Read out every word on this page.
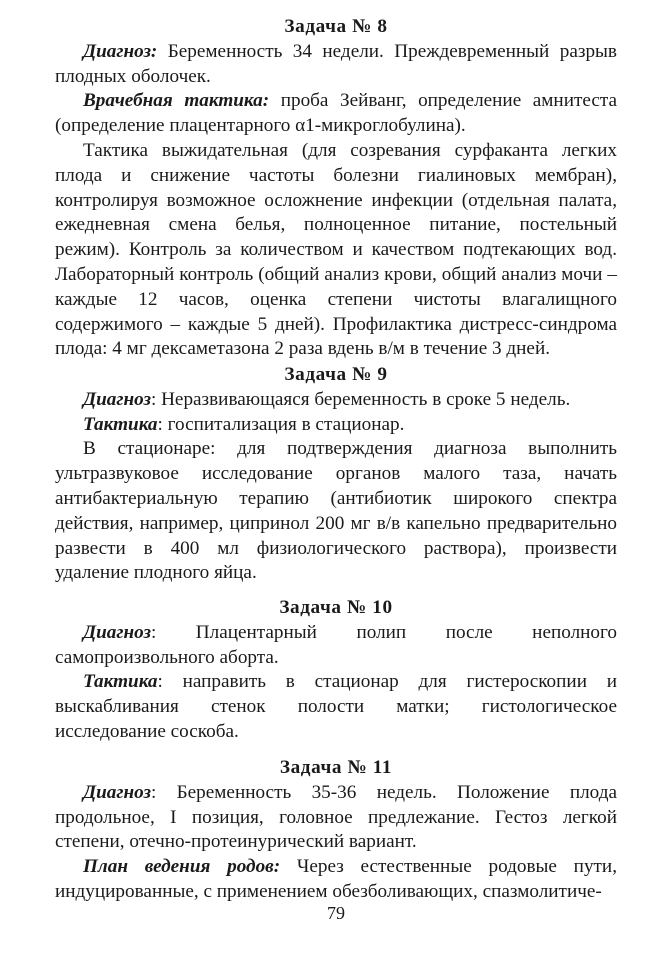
Задача № 8

Диагноз: Беременность 34 недели. Преждевременный разрыв плодных оболочек.

Врачебная тактика: проба Зейванг, определение амнитеста (определение плацентарного α1-микроглобулина).

Тактика выжидательная (для созревания сурфаканта легких плода и снижение частоты болезни гиалиновых мембран), контролируя возможное осложнение инфекции (отдельная палата, ежедневная смена белья, полноценное питание, постельный режим). Контроль за количеством и качеством подтекающих вод. Лабораторный контроль (общий анализ крови, общий анализ мочи – каждые 12 часов, оценка степени чистоты влагалищного содержимого – каждые 5 дней). Профилактика дистресс-синдрома плода: 4 мг дексаметазона 2 раза вдень в/м в течение 3 дней.

Задача № 9

Диагноз: Неразвивающаяся беременность в сроке 5 недель.

Тактика: госпитализация в стационар.

В стационаре: для подтверждения диагноза выполнить ультразвуковое исследование органов малого таза, начать антибактериальную терапию (антибиотик широкого спектра действия, например, ципринол 200 мг в/в капельно предварительно развести в 400 мл физиологического раствора), произвести удаление плодного яйца.

Задача № 10

Диагноз: Плацентарный полип после неполного самопроизвольного аборта.

Тактика: направить в стационар для гистероскопии и выскабливания стенок полости матки; гистологическое исследование соскоба.

Задача № 11

Диагноз: Беременность 35-36 недель. Положение плода продольное, I позиция, головное предлежание. Гестоз легкой степени, отечно-протеинурический вариант.

План ведения родов: Через естественные родовые пути, индуцированные, с применением обезболивающих, спазмолитиче-

79
